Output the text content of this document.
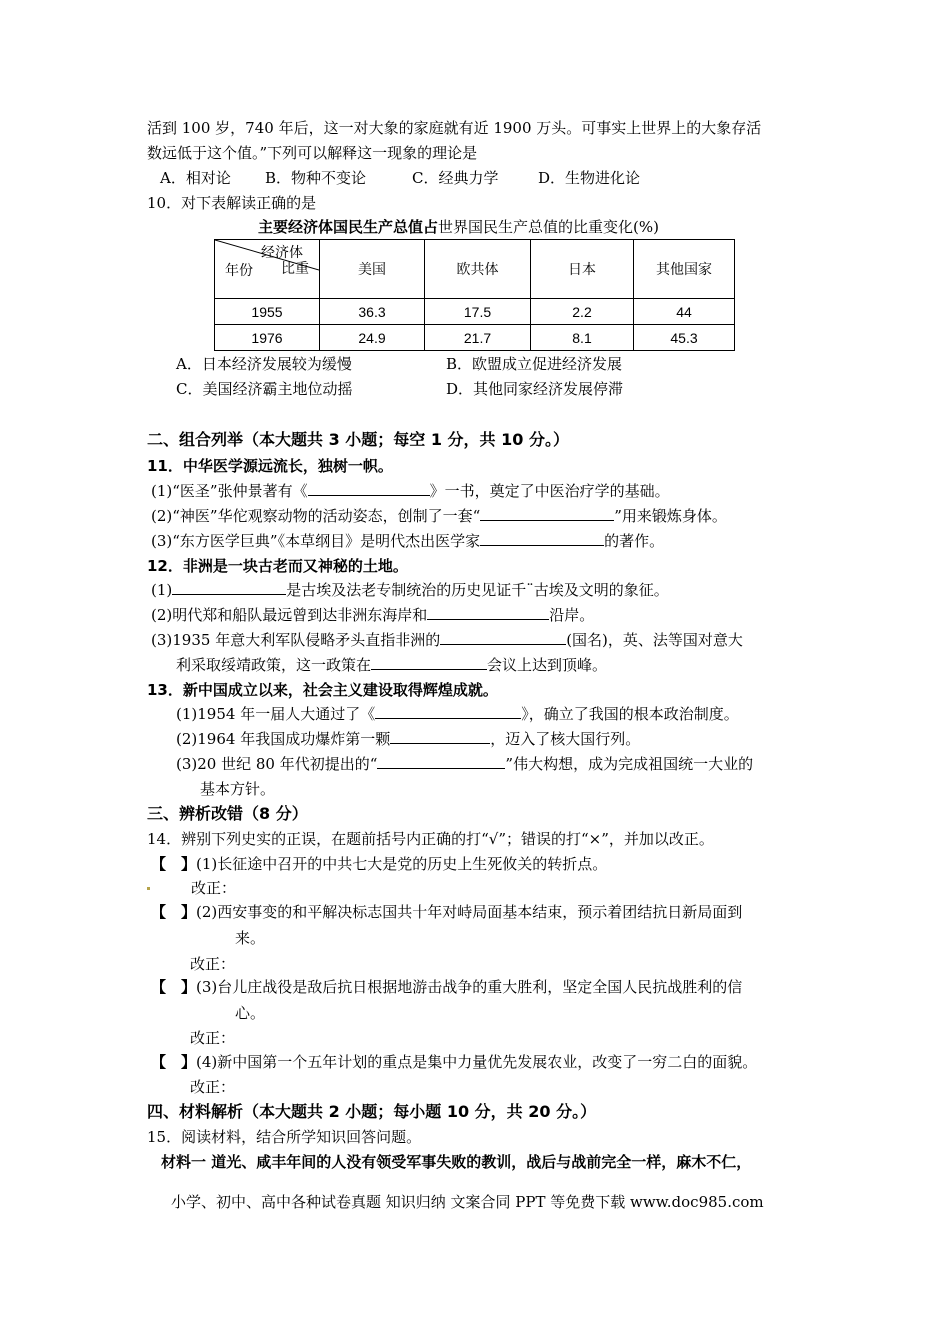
活到 100 岁，740 年后，这一对大象的家庭就有近 1900 万头。可事实上世界上的大象存活
数远低于这个值。”下列可以解释这一现象的理论是
A．相对论 B．物种不变论	C．经典力学	D．生物进化论
10．对下表解读正确的是
主要经济体国民生产总值占世界国民生产总值的比重变化(%)
经济体
比重
年份	美国	欧共体	日本	其他国家
1955	36.3	17.5	2.2	44
1976	24.9	21.7	8.1	45.3
A．日本经济发展较为缓慢	B．欧盟成立促进经济发展
C．美国经济霸主地位动摇	D．其他同家经济发展停滞
二、组合列举（本大题共 3 小题；每空 1 分，共 10 分。）
11．中华医学源远流长，独树一帜。
(1)“医圣”张仲景著有《	》一书，奠定了中医治疗学的基础。
(2)“神医”华佗观察动物的活动姿态，创制了一套“	”用来锻炼身体。
(3)“东方医学巨典”《本草纲目》是明代杰出医学家	的著作。
12．非洲是一块古老而又神秘的土地。
(1)	是古埃及法老专制统治的历史见证千¨古埃及文明的象征。
(2)明代郑和船队最远曾到达非洲东海岸和	沿岸。
(3)1935 年意大利军队侵略矛头直指非洲的	(国名)，英、法等国对意大
利采取绥靖政策，这一政策在	会议上达到顶峰。
13．新中国成立以来，社会主义建设取得辉煌成就。
(1)1954 年一届人大通过了《	》，确立了我国的根本政治制度。
(2)1964 年我国成功爆炸第一颗	，迈入了核大国行列。
(3)20 世纪 80 年代初提出的“	”伟大构想，成为完成祖国统一大业的
基本方针。
三、辨析改错（8 分）
14．辨别下列史实的正误，在题前括号内正确的打“√”；错误的打“×”，并加以改正。
【　】(1)长征途中召开的中共七大是党的历史上生死攸关的转折点。
改正：
【　】(2)西安事变的和平解决标志国共十年对峙局面基本结束，预示着团结抗日新局面到
来。
改正：
【　】(3)台儿庄战役是敌后抗日根据地游击战争的重大胜利，坚定全国人民抗战胜利的信
心。
改正：
【　】(4)新中国第一个五年计划的重点是集中力量优先发展农业，改变了一穷二白的面貌。
改正：
四、材料解析（本大题共 2 小题；每小题 10 分，共 20 分。）
15．阅读材料，结合所学知识回答问题。
材料一 道光、咸丰年间的人没有领受军事失败的教训，战后与战前完全一样，麻木不仁，
小学、初中、高中各种试卷真题 知识归纳 文案合同 PPT 等免费下载 www.doc985.com
